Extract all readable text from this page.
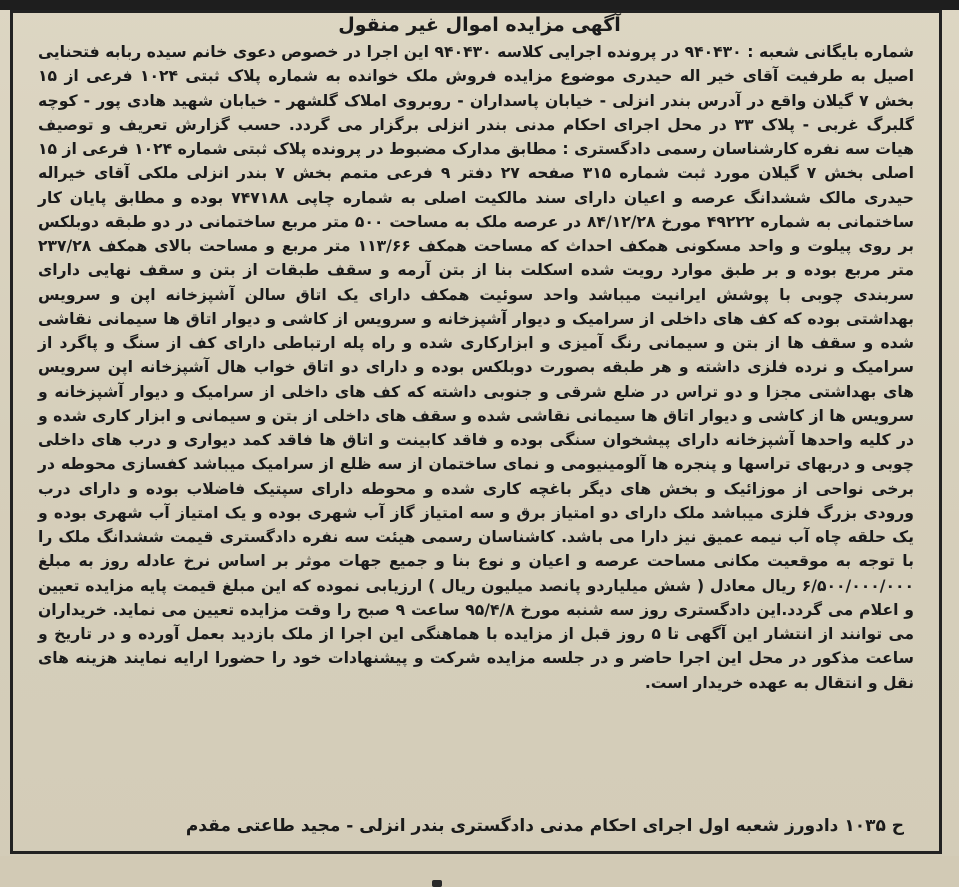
آگهی مزایده اموال غیر منقول

شماره بایگانی شعبه : ۹۴۰۴۳۰ در پرونده اجرایی کلاسه ۹۴۰۴۳۰ این اجرا در خصوص دعوی خانم سیده ربابه فتحنایی اصیل به طرفیت آقای خیر اله حیدری موضوع مزایده فروش ملک خوانده به شماره پلاک ثبتی ۱۰۲۴ فرعی از ۱۵ بخش ۷ گیلان واقع در آدرس بندر انزلی - خیابان پاسداران - روبروی املاک گلشهر - خیابان شهید هادی پور - کوچه گلبرگ غربی - پلاک ۳۳ در محل اجرای احکام مدنی بندر انزلی برگزار می گردد. حسب گزارش تعریف و توصیف هیات سه نفره کارشناسان رسمی دادگستری : مطابق مدارک مضبوط در پرونده پلاک ثبتی شماره ۱۰۲۴ فرعی از ۱۵ اصلی بخش ۷ گیلان مورد ثبت شماره ۳۱۵ صفحه ۲۷ دفتر ۹ فرعی متمم بخش ۷ بندر انزلی ملکی آقای خیراله حیدری مالک ششدانگ عرصه و اعیان دارای سند مالکیت اصلی به شماره چاپی ۷۴۷۱۸۸ بوده و مطابق پایان کار ساختمانی به شماره ۴۹۲۲۲ مورخ ۸۴/۱۲/۲۸ در عرصه ملک به مساحت ۵۰۰ متر مربع ساختمانی در دو طبقه دوبلکس بر روی پیلوت و واحد مسکونی همکف احداث که مساحت همکف ۱۱۳/۶۶ متر مربع و مساحت بالای همکف ۲۳۷/۲۸ متر مربع بوده و بر طبق موارد رویت شده اسکلت بنا از بتن آرمه و سقف طبقات از بتن و سقف نهایی دارای سربندی چوبی با پوشش ایرانیت میباشد واحد سوئیت همکف دارای یک اتاق سالن آشپزخانه اپن و سرویس بهداشتی بوده که کف های داخلی از سرامیک و دیوار آشپزخانه و سرویس از کاشی و دیوار اتاق ها سیمانی نقاشی شده و سقف ها از بتن و سیمانی رنگ آمیزی و ابزارکاری شده و راه پله ارتباطی دارای کف از سنگ و پاگرد از سرامیک و نرده فلزی داشته و هر طبقه بصورت دوبلکس بوده و دارای دو اتاق خواب هال آشپزخانه اپن سرویس های بهداشتی مجزا و دو تراس در ضلع شرقی و جنوبی داشته که کف های داخلی از سرامیک و دیوار آشپزخانه و سرویس ها از کاشی و دیوار اتاق ها سیمانی نقاشی شده و سقف های داخلی از بتن و سیمانی و ابزار کاری شده و در کلیه واحدها آشپزخانه دارای پیشخوان سنگی بوده و فاقد کابینت و اتاق ها فاقد کمد دیواری و درب های داخلی چوبی و دربهای تراسها و پنجره ها آلومینیومی و نمای ساختمان از سه ظلع از سرامیک میباشد کفسازی محوطه در برخی نواحی از موزائیک و بخش های دیگر باغچه کاری شده و محوطه دارای سپتیک فاضلاب بوده و دارای درب ورودی بزرگ فلزی میباشد ملک دارای دو امتیاز برق و سه امتیاز گاز آب شهری بوده و یک امتیاز آب شهری بوده و یک حلقه چاه آب نیمه عمیق نیز دارا می باشد. کاشناسان رسمی هیئت سه نفره دادگستری قیمت ششدانگ ملک را با توجه به موقعیت مکانی مساحت عرصه و اعیان و نوع بنا و جمیع جهات موثر بر اساس نرخ عادله روز به مبلغ ۶/۵۰۰/۰۰۰/۰۰۰ ریال معادل ( شش میلیاردو پانصد میلیون ریال ) ارزیابی نموده که این مبلغ قیمت پایه مزایده تعیین و اعلام می گردد.این دادگستری روز سه شنبه مورخ ۹۵/۴/۸ ساعت ۹ صبح را وقت مزایده تعیین می نماید. خریداران می توانند از انتشار این آگهی تا ۵ روز قبل از مزایده با هماهنگی این اجرا از ملک بازدید بعمل آورده و در تاریخ و ساعت مذکور در محل این اجرا حاضر و در جلسه مزایده شرکت و پیشنهادات خود را حضورا ارایه نمایند هزینه های نقل و انتقال به عهده خریدار است.

ح ۱۰۳۵ دادورز شعبه اول اجرای احکام مدنی دادگستری بندر انزلی - مجید طاعتی مقدم
